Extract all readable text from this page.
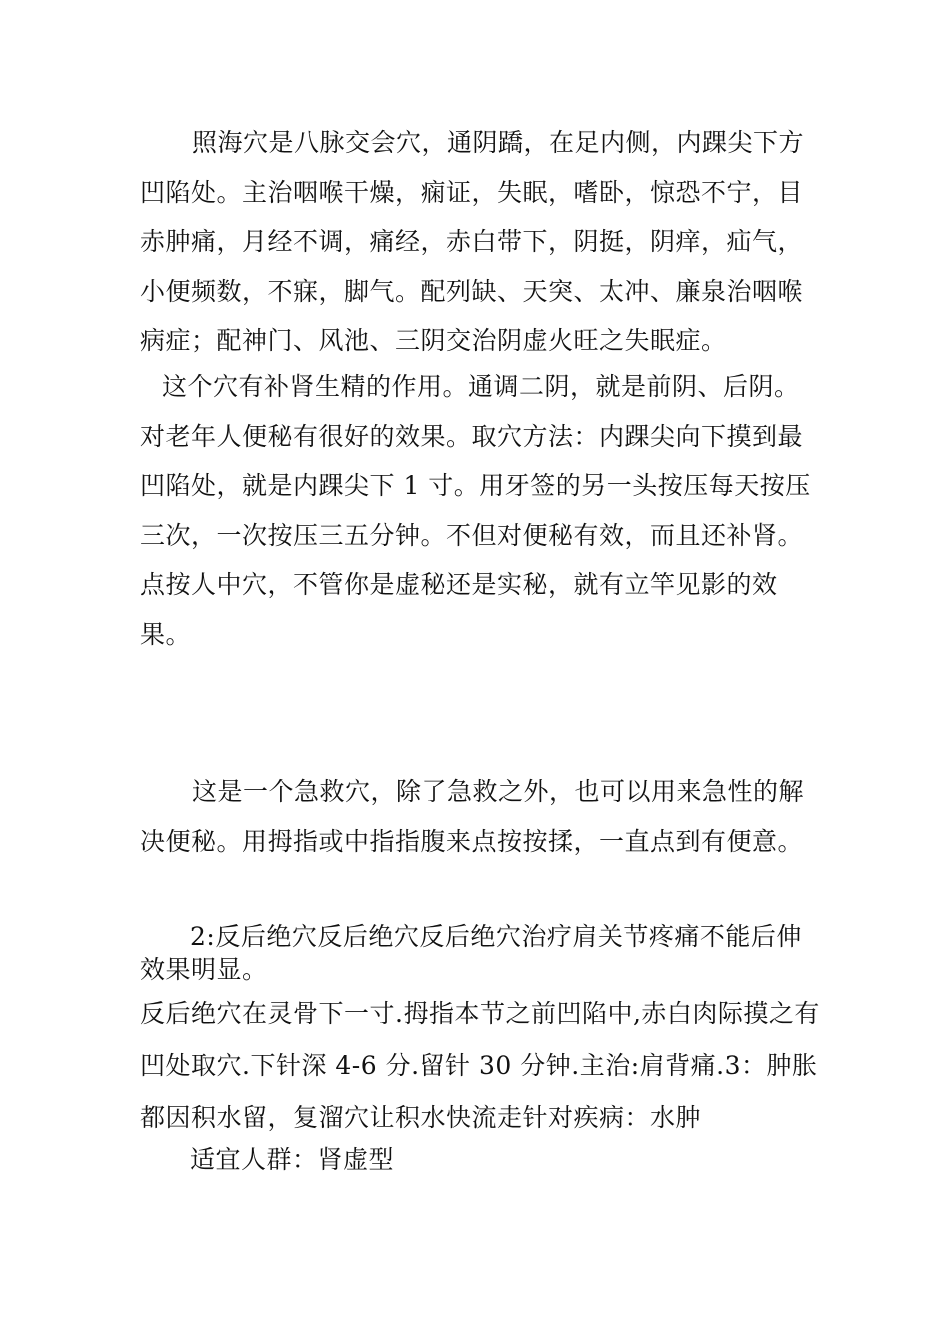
照海穴是八脉交会穴，通阴蹻，在足内侧，内踝尖下方凹陷处。主治咽喉干燥，痫证，失眠，嗜卧，惊恐不宁，目赤肿痛，月经不调，痛经，赤白带下，阴挺，阴痒，疝气，小便频数，不寐，脚气。配列缺、天突、太冲、廉泉治咽喉病症；配神门、风池、三阴交治阴虚火旺之失眠症。

这个穴有补肾生精的作用。通调二阴，就是前阴、后阴。对老年人便秘有很好的效果。取穴方法：内踝尖向下摸到最凹陷处，就是内踝尖下 1 寸。用牙签的另一头按压每天按压三次，一次按压三五分钟。不但对便秘有效，而且还补肾。点按人中穴，不管你是虚秘还是实秘，就有立竿见影的效果。

这是一个急救穴，除了急救之外，也可以用来急性的解决便秘。用拇指或中指指腹来点按按揉，一直点到有便意。

2:反后绝穴反后绝穴反后绝穴治疗肩关节疼痛不能后伸效果明显。

反后绝穴在灵骨下一寸.拇指本节之前凹陷中,赤白肉际摸之有凹处取穴.下针深 4-6 分.留针 30 分钟.主治:肩背痛.3：肿胀都因积水留，复溜穴让积水快流走针对疾病：水肿

适宜人群：肾虚型
